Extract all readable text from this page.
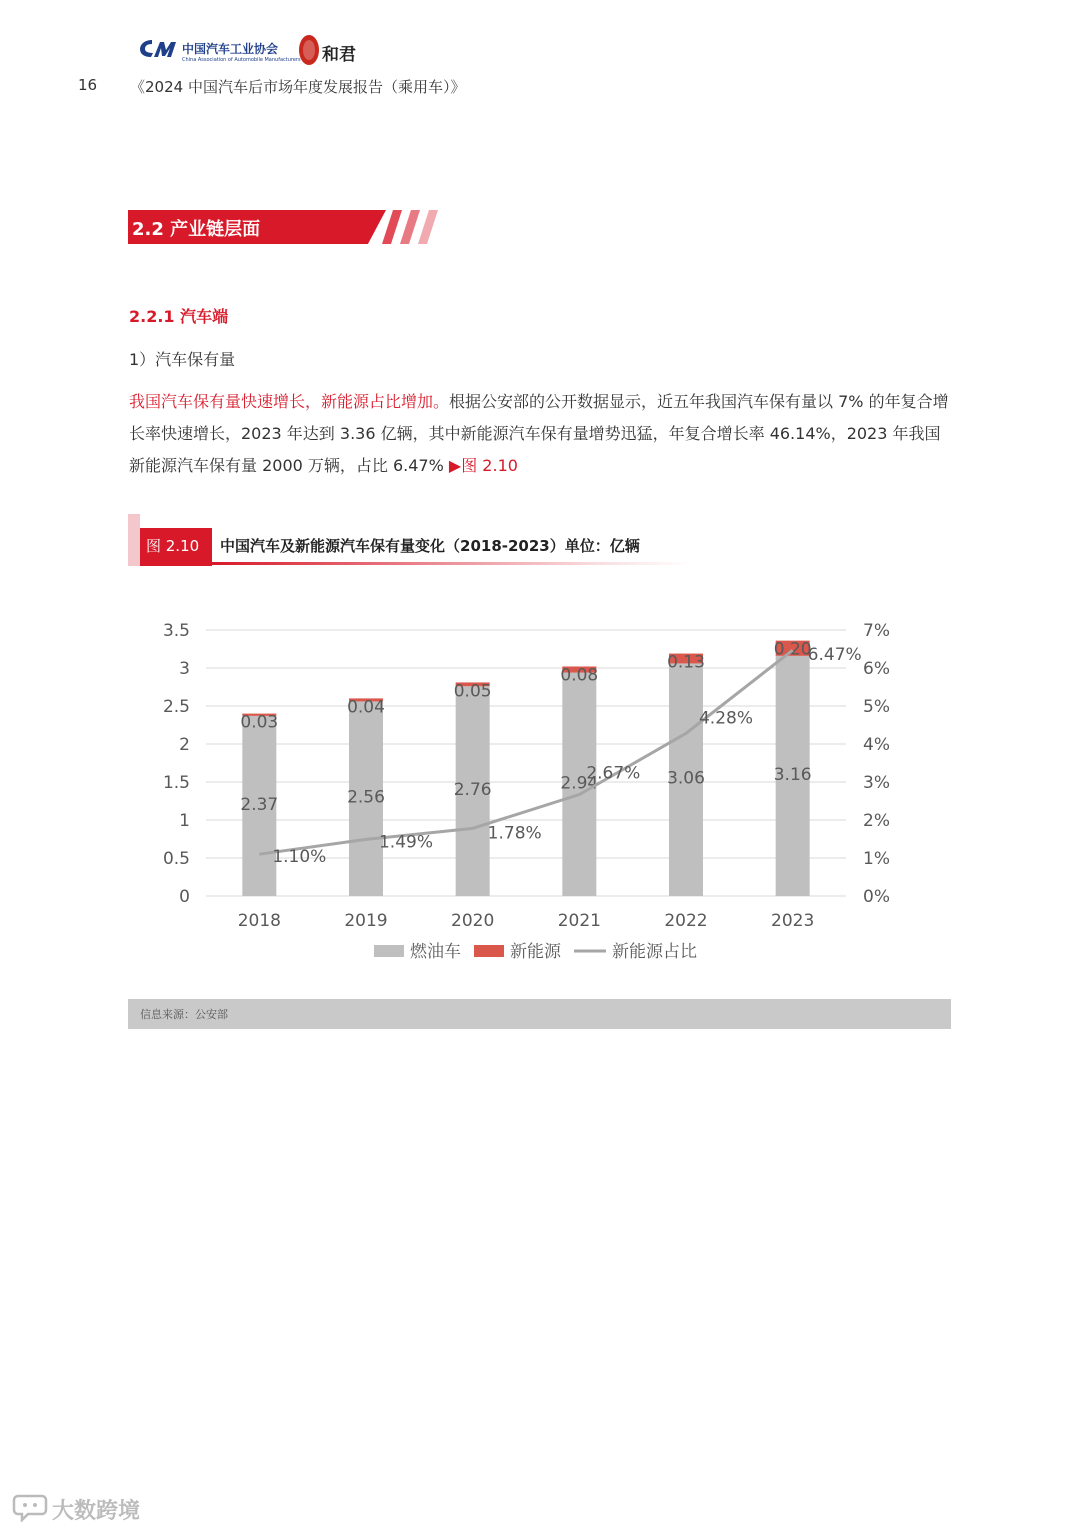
中国汽车工业协会
China Association of Automobile Manufacturers 和君
16 《2024 中国汽车后市场年度发展报告（乘用车）》
2.2 产业链层面
2.2.1 汽车端
1）汽车保有量
我国汽车保有量快速增长，新能源占比增加。根据公安部的公开数据显示，近五年我国汽车保有量以 7% 的年复合增长率快速增长，2023 年达到 3.36 亿辆，其中新能源汽车保有量增势迅猛，年复合增长率 46.14%，2023 年我国新能源汽车保有量 2000 万辆，占比 6.47% ▶图 2.10
图 2.10 中国汽车及新能源汽车保有量变化（2018-2023）单位：亿辆
0
0.5
1
1.5
2
2.5
3
3.5
0%
1%
2%
3%
4%
5%
6%
7%
2018
2.37
0.03
2019
2.56
0.04
2020
2.76
0.05
2021
2.94
0.08
2022
3.06
0.13
2023
3.16
0.20
1.10%
1.49%	1.78%
2.67%
4.28%
6.47%
燃油车	新能源	新能源占比
信息来源：公安部
大数跨境
